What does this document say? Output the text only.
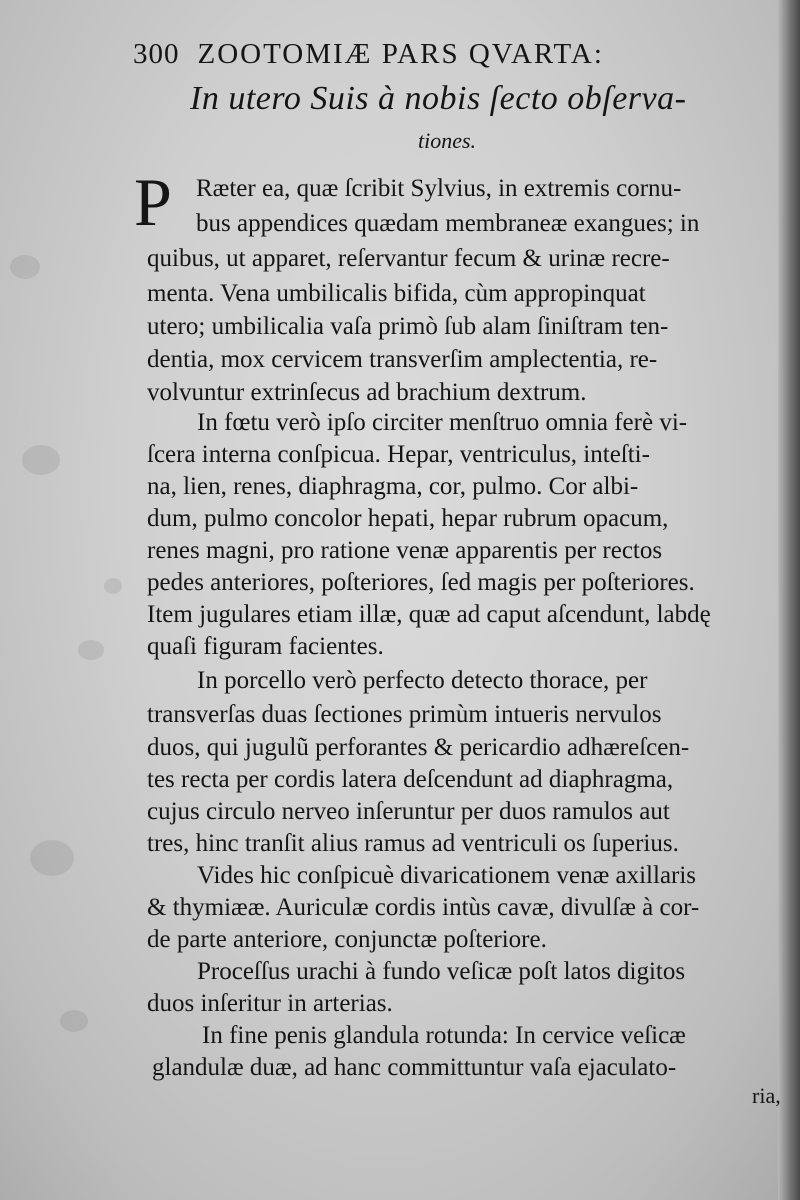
300 ZOOTOMIÆ PARS QVARTA:
In utero Suis à nobis ſecto obſerva-
tiones.
P Ræter ea, quæ ſcribit Sylvius, in extremis cornu-
bus appendices quædam membraneæ exangues; in
quibus, ut apparet, reſervantur fecum & urinæ recre-
menta. Vena umbilicalis bifida, cùm appropinquat
utero; umbilicalia vaſa primò ſub alam ſiniſtram ten-
dentia, mox cervicem transverſim amplectentia, re-
volvuntur extrinſecus ad brachium dextrum.
In fœtu verò ipſo circiter menſtruo omnia ferè vi-
ſcera interna conſpicua. Hepar, ventriculus, inteſti-
na, lien, renes, diaphragma, cor, pulmo. Cor albi-
dum, pulmo concolor hepati, hepar rubrum opacum,
renes magni, pro ratione venæ apparentis per rectos
pedes anteriores, poſteriores, ſed magis per poſteriores.
Item jugulares etiam illæ, quæ ad caput aſcendunt, labdę
quaſi figuram facientes.
In porcello verò perfecto detecto thorace, per
transverſas duas ſectiones primùm intueris nervulos
duos, qui jugulũ perforantes & pericardio adhæreſcen-
tes recta per cordis latera deſcendunt ad diaphragma,
cujus circulo nerveo inſeruntur per duos ramulos aut
tres, hinc tranſit alius ramus ad ventriculi os ſuperius.
Vides hic conſpicuè divaricationem venæ axillaris
& thymiææ. Auriculæ cordis intùs cavæ, divulſæ à cor-
de parte anteriore, conjunctæ poſteriore.
Proceſſus urachi à fundo veſicæ poſt latos digitos
duos inſeritur in arterias.
In fine penis glandula rotunda: In cervice veſicæ
glandulæ duæ, ad hanc committuntur vaſa ejaculato-
ria,
